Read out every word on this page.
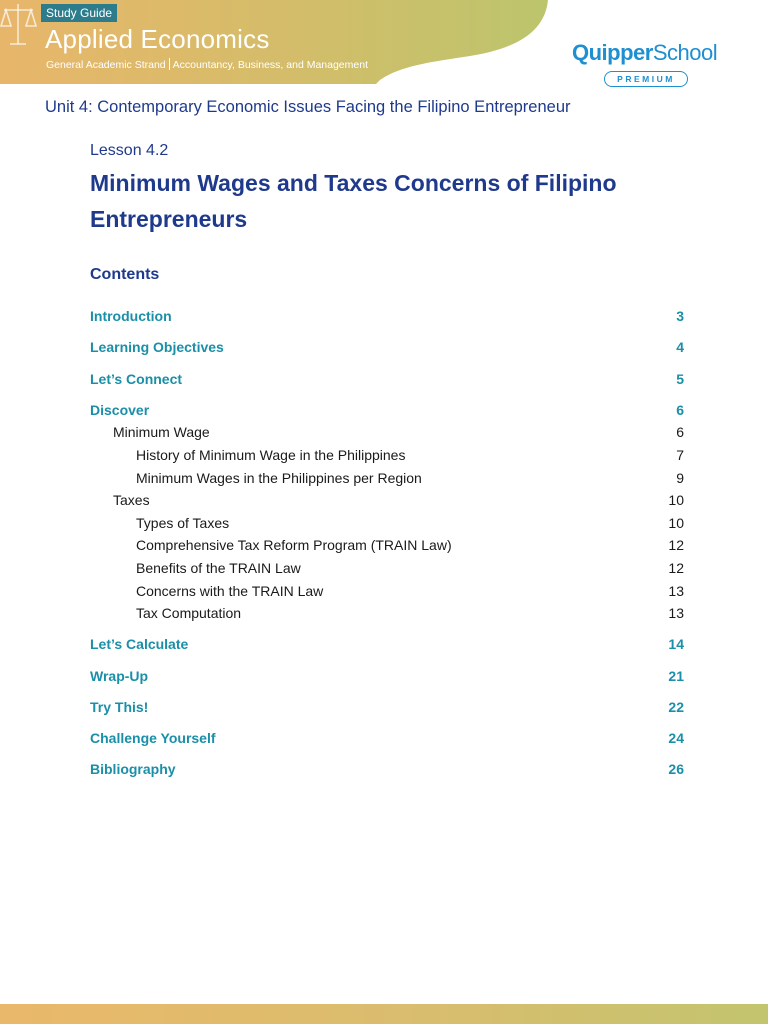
Study Guide
Applied Economics
General Academic Strand Accountancy, Business, and Management	QuipperSchool
PREMIUM
Unit 4: Contemporary Economic Issues Facing the Filipino Entrepreneur
Lesson 4.2
Minimum Wages and Taxes Concerns of Filipino Entrepreneurs
Contents
Introduction	3
Learning Objectives	4
Let’s Connect	5
Discover	6
Minimum Wage	6
History of Minimum Wage in the Philippines	7
Minimum Wages in the Philippines per Region	9
Taxes	10
Types of Taxes	10
Comprehensive Tax Reform Program (TRAIN Law)	12
Benefits of the TRAIN Law	12
Concerns with the TRAIN Law	13
Tax Computation	13
Let’s Calculate	14
Wrap-Up	21
Try This!	22
Challenge Yourself	24
Bibliography	26
